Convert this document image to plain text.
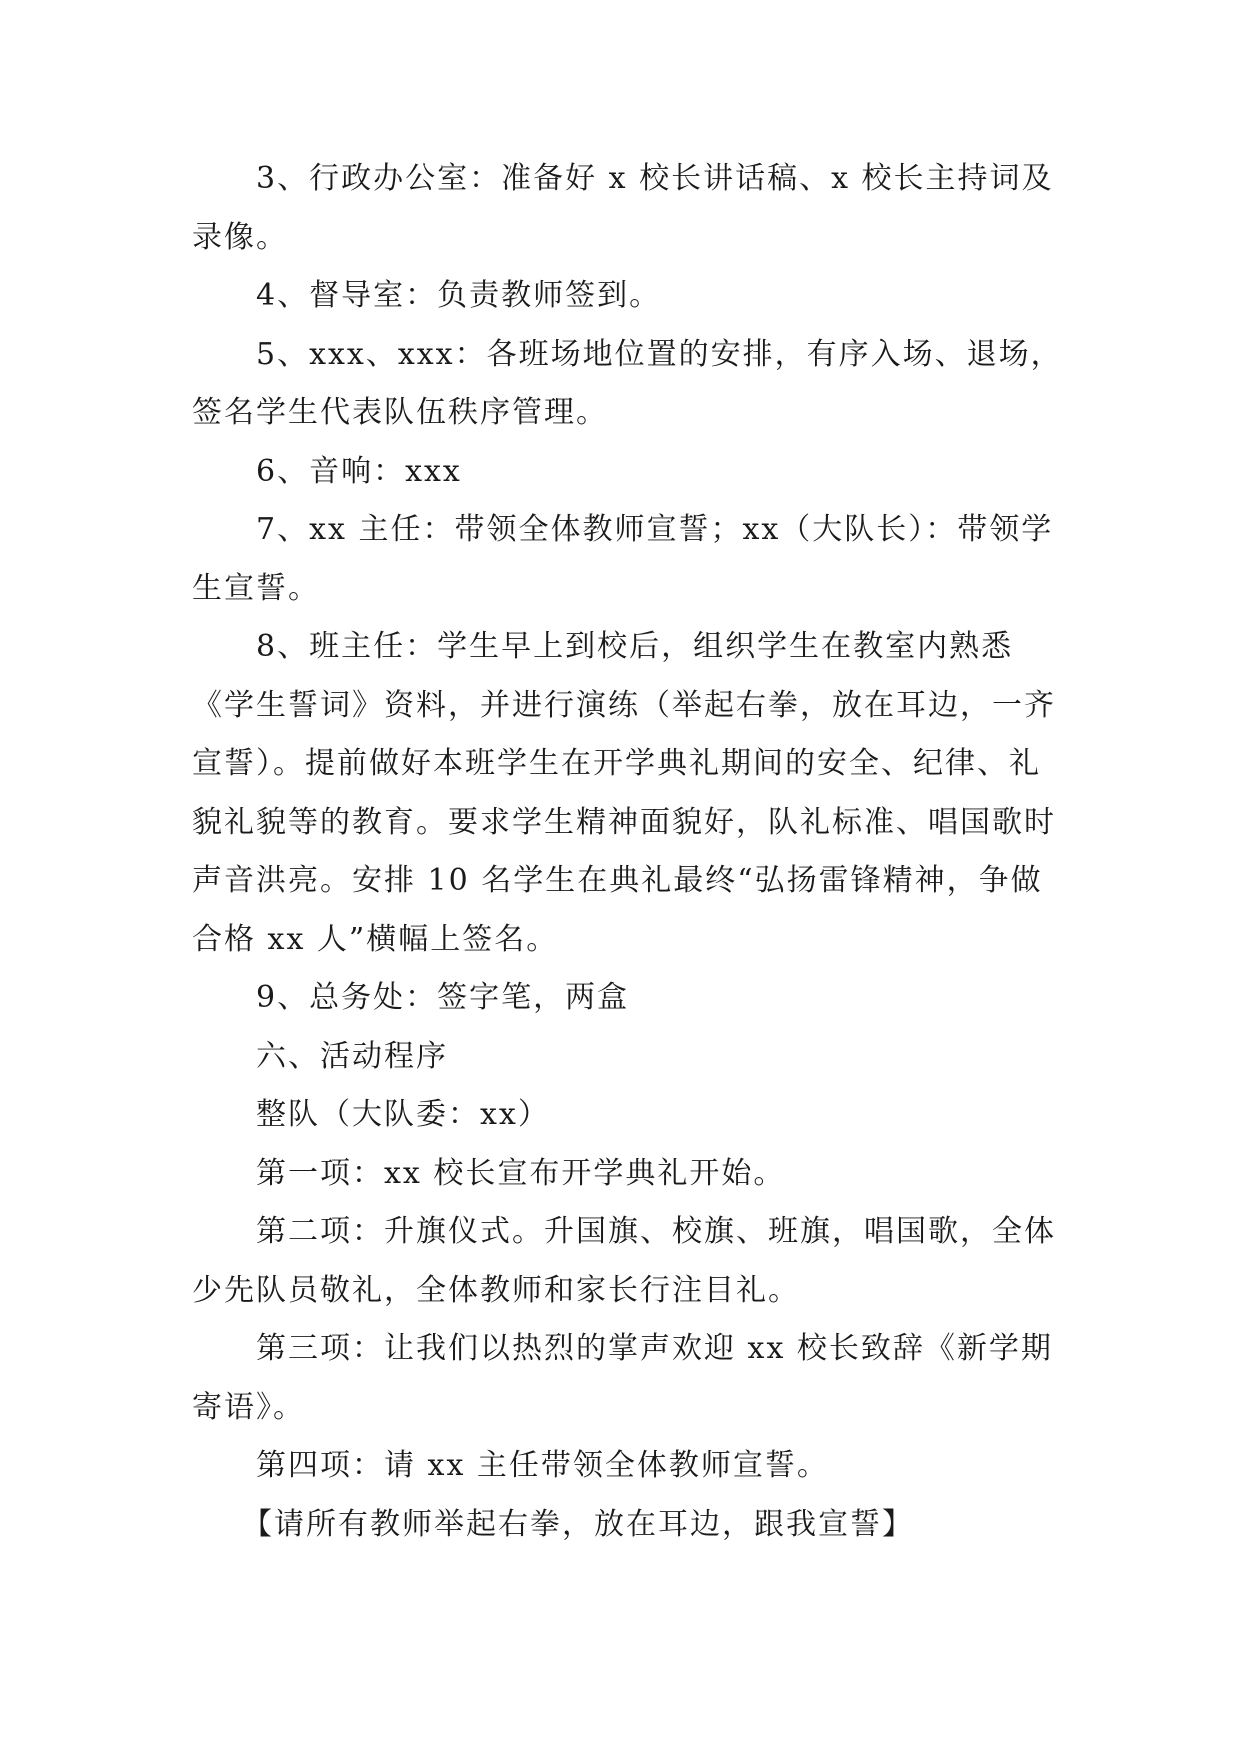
3、行政办公室：准备好 x 校长讲话稿、x 校长主持词及录像。

4、督导室：负责教师签到。

5、xxx、xxx：各班场地位置的安排，有序入场、退场，签名学生代表队伍秩序管理。

6、音响：xxx

7、xx 主任：带领全体教师宣誓；xx（大队长）：带领学生宣誓。

8、班主任：学生早上到校后，组织学生在教室内熟悉《学生誓词》资料，并进行演练（举起右拳，放在耳边，一齐宣誓）。提前做好本班学生在开学典礼期间的安全、纪律、礼貌礼貌等的教育。要求学生精神面貌好，队礼标准、唱国歌时声音洪亮。安排 10 名学生在典礼最终“弘扬雷锋精神，争做合格 xx 人”横幅上签名。

9、总务处：签字笔，两盒

六、活动程序

整队（大队委：xx）

第一项：xx 校长宣布开学典礼开始。

第二项：升旗仪式。升国旗、校旗、班旗，唱国歌，全体少先队员敬礼，全体教师和家长行注目礼。

第三项：让我们以热烈的掌声欢迎 xx 校长致辞《新学期寄语》。

第四项：请 xx 主任带领全体教师宣誓。

【请所有教师举起右拳，放在耳边，跟我宣誓】
